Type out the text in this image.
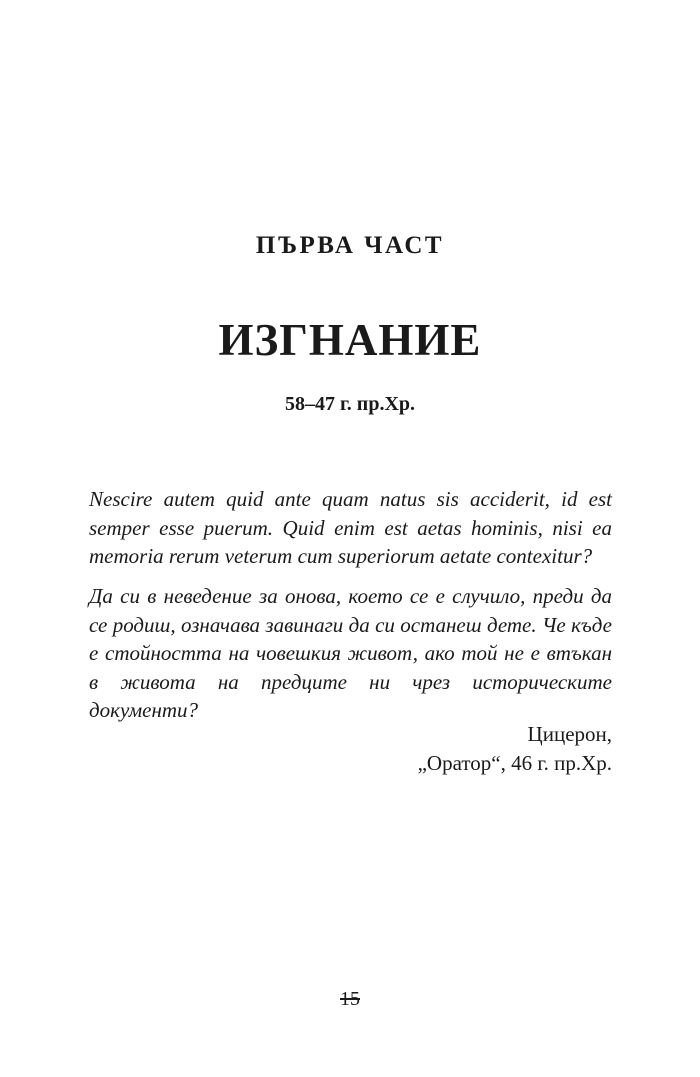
ПЪРВА ЧАСТ
ИЗГНАНИЕ
58–47 г. пр.Хр.

Nescire autem quid ante quam natus sis acciderit, id est semper esse puerum. Quid enim est aetas hominis, nisi ea memoria rerum veterum cum superiorum aetate contexitur?

Да си в неведение за онова, което се е случило, преди да се родиш, означава завинаги да си останеш дете. Че къде е стойността на човешкия живот, ако той не е втъкан в живота на предците ни чрез историческите документи?

Цицерон,
„Оратор“, 46 г. пр.Хр.
15
